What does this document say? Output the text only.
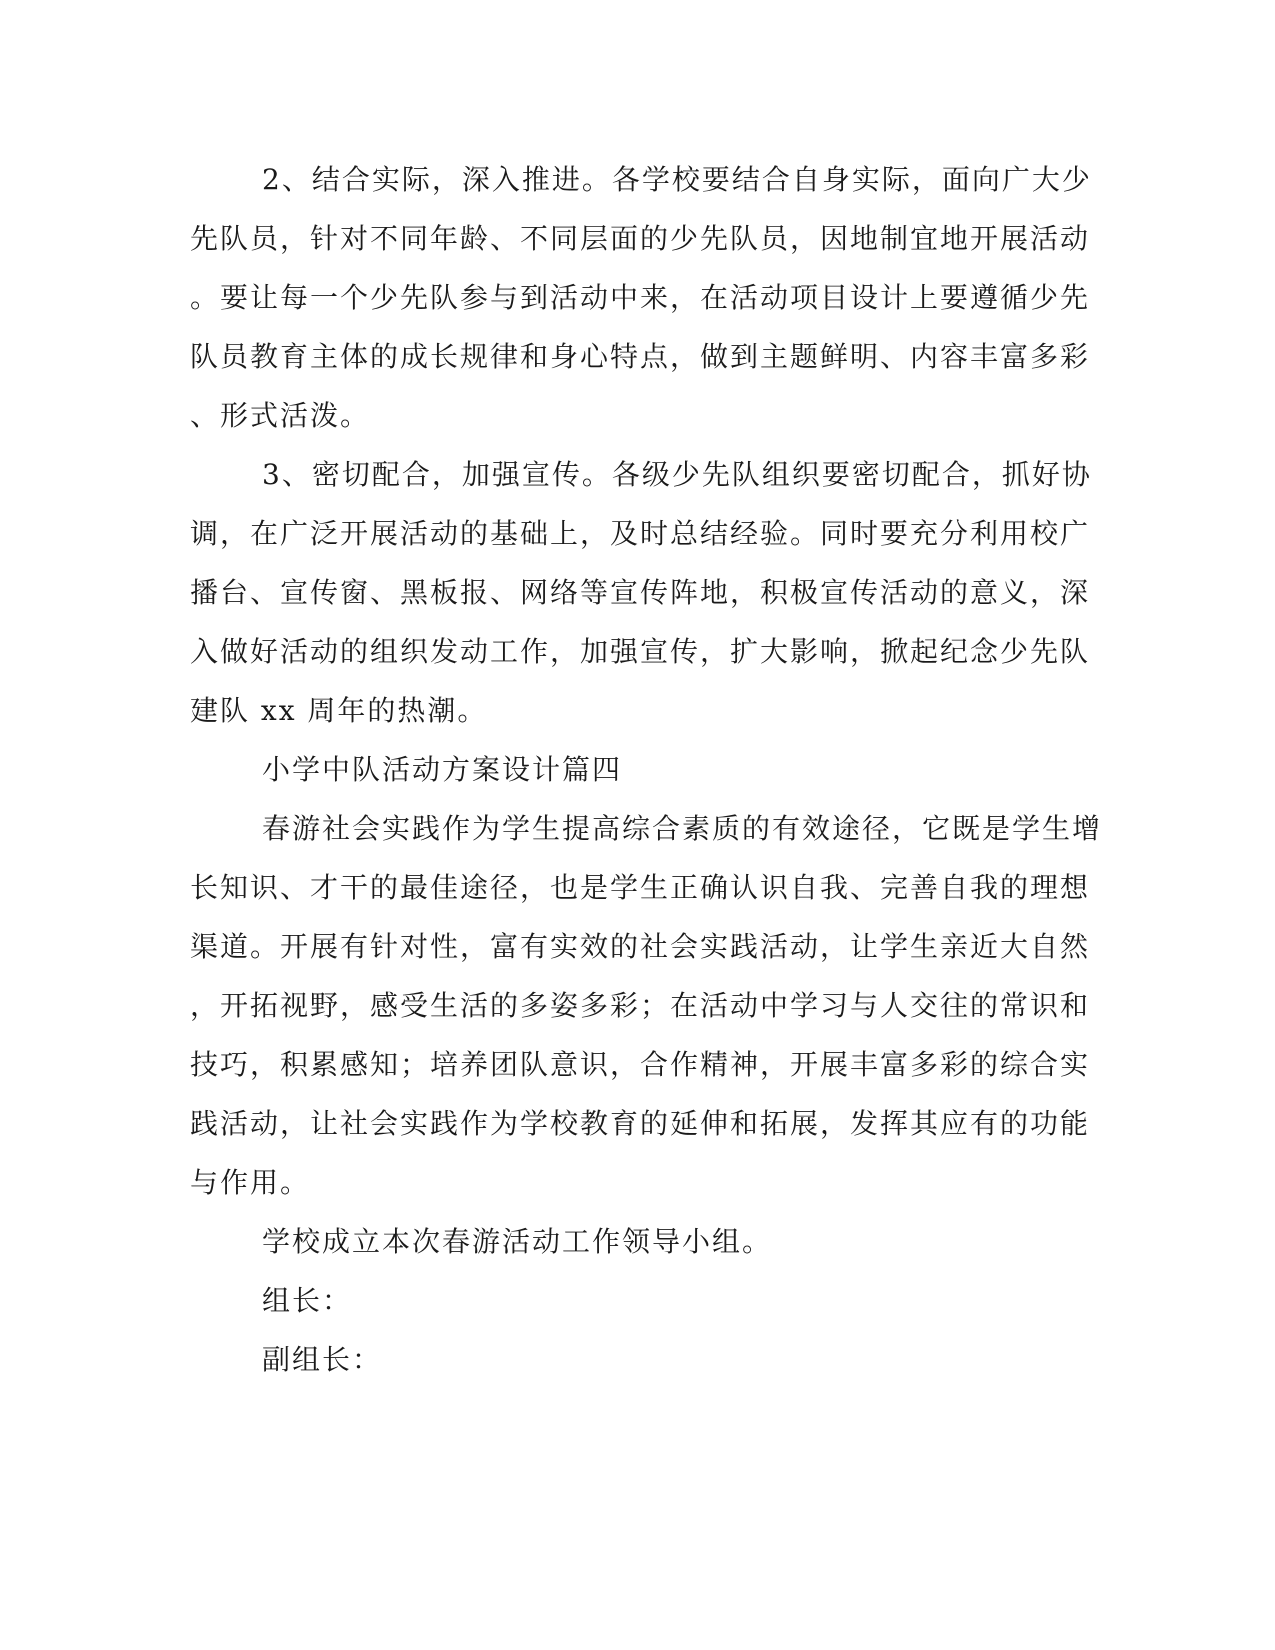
2、结合实际，深入推进。各学校要结合自身实际，面向广大少
先队员，针对不同年龄、不同层面的少先队员，因地制宜地开展活动
。要让每一个少先队参与到活动中来，在活动项目设计上要遵循少先
队员教育主体的成长规律和身心特点，做到主题鲜明、内容丰富多彩
、形式活泼。
3、密切配合，加强宣传。各级少先队组织要密切配合，抓好协
调，在广泛开展活动的基础上，及时总结经验。同时要充分利用校广
播台、宣传窗、黑板报、网络等宣传阵地，积极宣传活动的意义，深
入做好活动的组织发动工作，加强宣传，扩大影响，掀起纪念少先队
建队 xx 周年的热潮。
小学中队活动方案设计篇四
春游社会实践作为学生提高综合素质的有效途径，它既是学生增
长知识、才干的最佳途径，也是学生正确认识自我、完善自我的理想
渠道。开展有针对性，富有实效的社会实践活动，让学生亲近大自然
，开拓视野，感受生活的多姿多彩；在活动中学习与人交往的常识和
技巧，积累感知；培养团队意识，合作精神，开展丰富多彩的综合实
践活动，让社会实践作为学校教育的延伸和拓展，发挥其应有的功能
与作用。
学校成立本次春游活动工作领导小组。
组长：
副组长：
